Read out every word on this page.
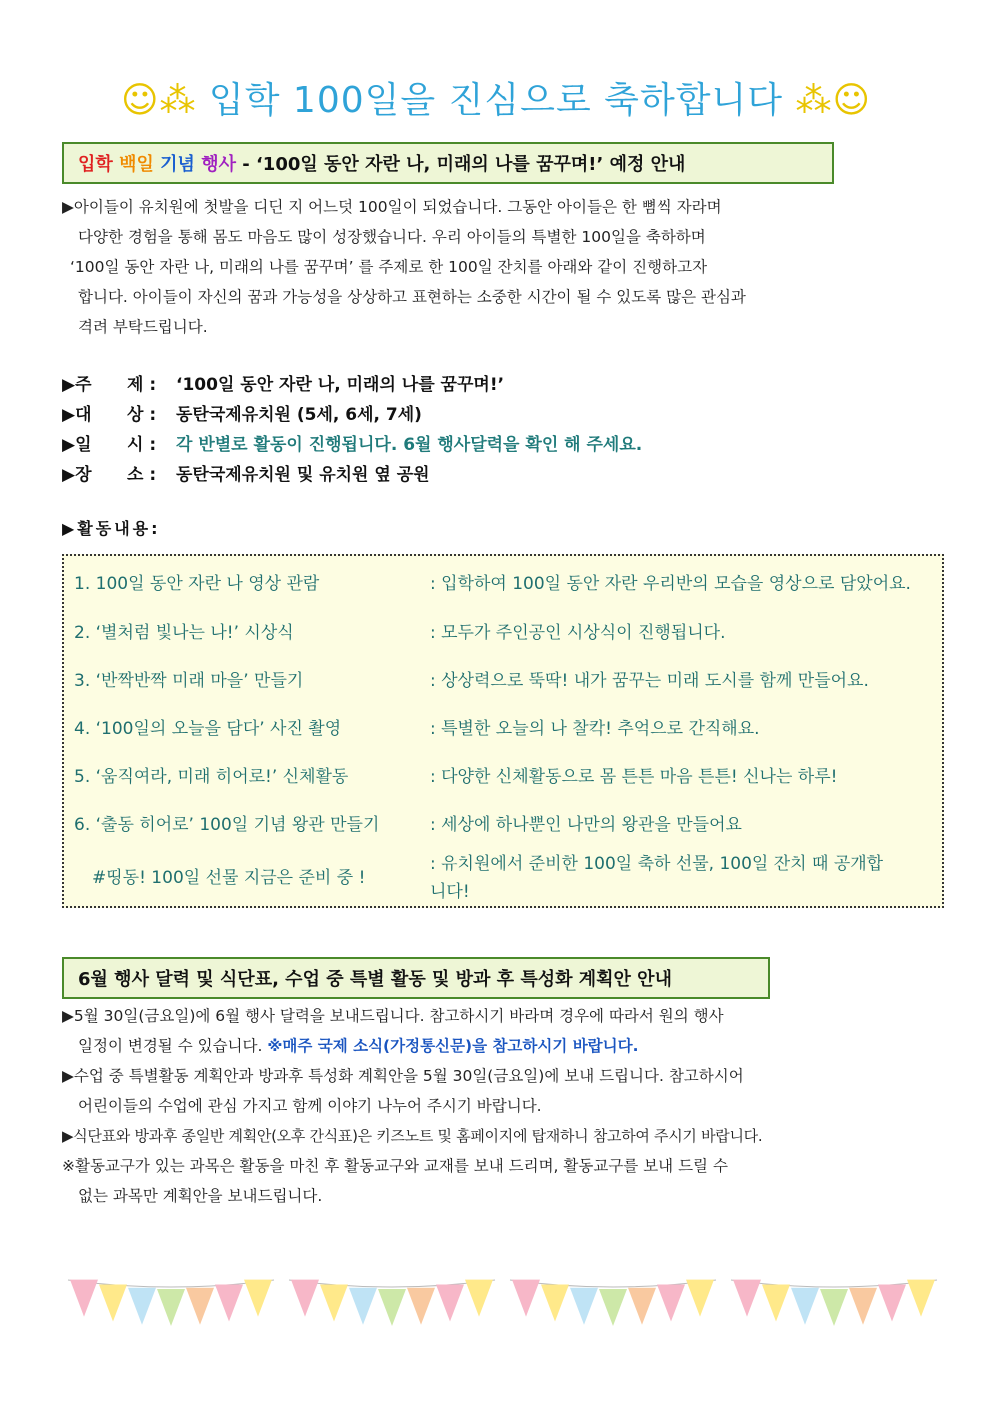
☺⁂ 입학 100일을 진심으로 축하합니다 ⁂☺
입학 백일 기념 행사 - ‘100일 동안 자란 나, 미래의 나를 꿈꾸며!’ 예정 안내
▶아이들이 유치원에 첫발을 디딘 지 어느덧 100일이 되었습니다. 그동안 아이들은 한 뼘씩 자라며
다양한 경험을 통해 몸도 마음도 많이 성장했습니다. 우리 아이들의 특별한 100일을 축하하며
‘100일 동안 자란 나, 미래의 나를 꿈꾸며’ 를 주제로 한 100일 잔치를 아래와 같이 진행하고자
합니다. 아이들이 자신의 꿈과 가능성을 상상하고 표현하는 소중한 시간이 될 수 있도록 많은 관심과
격려 부탁드립니다.
▶주      제 : ‘100일 동안 자란 나, 미래의 나를 꿈꾸며!’
▶대      상 : 동탄국제유치원 (5세, 6세, 7세)
▶일      시 : 각 반별로 활동이 진행됩니다. 6월 행사달력을 확인 해 주세요.
▶장      소 : 동탄국제유치원 및 유치원 옆 공원
▶활동내용:
1. 100일 동안 자란 나 영상 관람	: 입학하여 100일 동안 자란 우리반의 모습을 영상으로 담았어요.
2. ‘별처럼 빛나는 나!’ 시상식	: 모두가 주인공인 시상식이 진행됩니다.
3. ‘반짝반짝 미래 마을’ 만들기	: 상상력으로 뚝딱! 내가 꿈꾸는 미래 도시를 함께 만들어요.
4. ‘100일의 오늘을 담다’ 사진 촬영	: 특별한 오늘의 나 찰칵! 추억으로 간직해요.
5. ‘움직여라, 미래 히어로!’ 신체활동	: 다양한 신체활동으로 몸 튼튼 마음 튼튼! 신나는 하루!
6. ‘출동 히어로’ 100일 기념 왕관 만들기	: 세상에 하나뿐인 나만의 왕관을 만들어요
#띵동! 100일 선물 지금은 준비 중 !
: 유치원에서 준비한 100일 축하 선물, 100일 잔치 때 공개합니다!
6월 행사 달력 및 식단표, 수업 중 특별 활동 및 방과 후 특성화 계획안 안내
▶5월 30일(금요일)에 6월 행사 달력을 보내드립니다. 참고하시기 바라며 경우에 따라서 원의 행사
일정이 변경될 수 있습니다. ※매주 국제 소식(가정통신문)을 참고하시기 바랍니다.
▶수업 중 특별활동 계획안과 방과후 특성화 계획안을 5월 30일(금요일)에 보내 드립니다. 참고하시어
어린이들의 수업에 관심 가지고 함께 이야기 나누어 주시기 바랍니다.
▶식단표와 방과후 종일반 계획안(오후 간식표)은 키즈노트 및 홈페이지에 탑재하니 참고하여 주시기 바랍니다.
※활동교구가 있는 과목은 활동을 마친 후 활동교구와 교재를 보내 드리며, 활동교구를 보내 드릴 수
없는 과목만 계획안을 보내드립니다.
